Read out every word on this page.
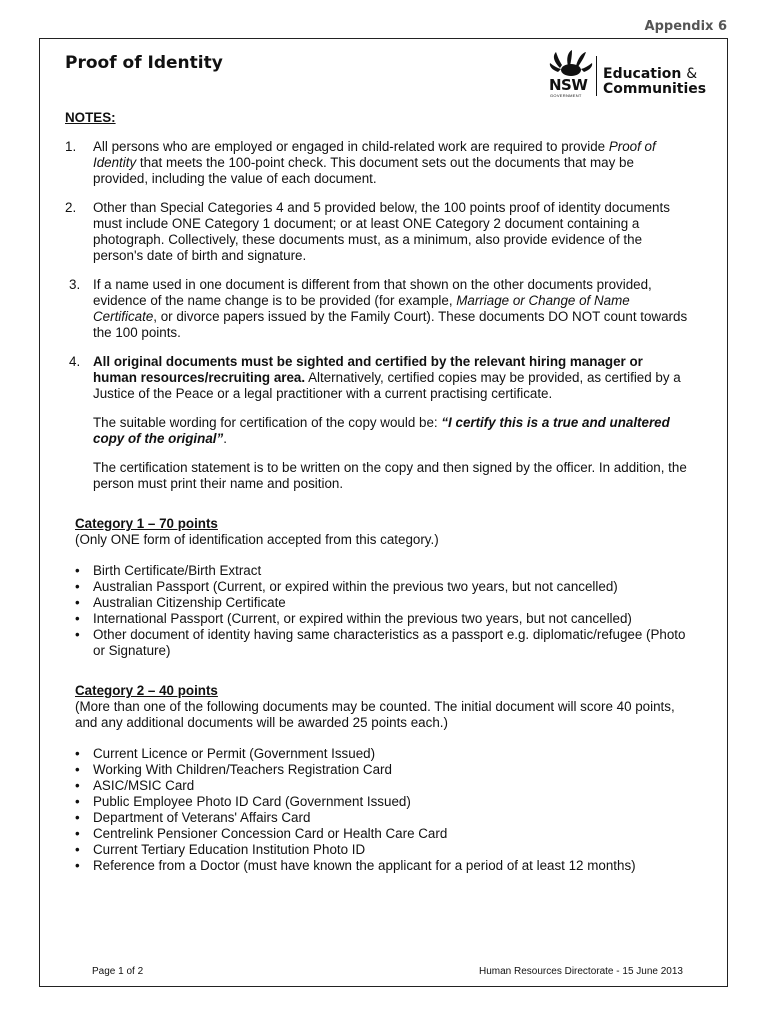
Appendix 6
Proof of Identity
NSW
GOVERNMENT
Education &
Communities
NOTES:
1.	All persons who are employed or engaged in child-related work are required to provide Proof of Identity that meets the 100-point check. This document sets out the documents that may be provided, including the value of each document.
2.	Other than Special Categories 4 and 5 provided below, the 100 points proof of identity documents must include ONE Category 1 document; or at least ONE Category 2 document containing a photograph. Collectively, these documents must, as a minimum, also provide evidence of the person's date of birth and signature.
3. If a name used in one document is different from that shown on the other documents provided, evidence of the name change is to be provided (for example, Marriage or Change of Name Certificate, or divorce papers issued by the Family Court). These documents DO NOT count towards the 100 points.
4. All original documents must be sighted and certified by the relevant hiring manager or human resources/recruiting area. Alternatively, certified copies may be provided, as certified by a Justice of the Peace or a legal practitioner with a current practising certificate.

The suitable wording for certification of the copy would be: “I certify this is a true and unaltered copy of the original”.

The certification statement is to be written on the copy and then signed by the officer. In addition, the person must print their name and position.

Category 1 – 70 points
(Only ONE form of identification accepted from this category.)
• Birth Certificate/Birth Extract
• Australian Passport (Current, or expired within the previous two years, but not cancelled)
• Australian Citizenship Certificate
• International Passport (Current, or expired within the previous two years, but not cancelled)
• Other document of identity having same characteristics as a passport e.g. diplomatic/refugee (Photo or Signature)
Category 2 – 40 points
(More than one of the following documents may be counted. The initial document will score 40 points, and any additional documents will be awarded 25 points each.)
• Current Licence or Permit (Government Issued)
• Working With Children/Teachers Registration Card
• ASIC/MSIC Card
• Public Employee Photo ID Card (Government Issued)
• Department of Veterans' Affairs Card
• Centrelink Pensioner Concession Card or Health Care Card
• Current Tertiary Education Institution Photo ID
• Reference from a Doctor (must have known the applicant for a period of at least 12 months)
Page 1 of 2	Human Resources Directorate - 15 June 2013
